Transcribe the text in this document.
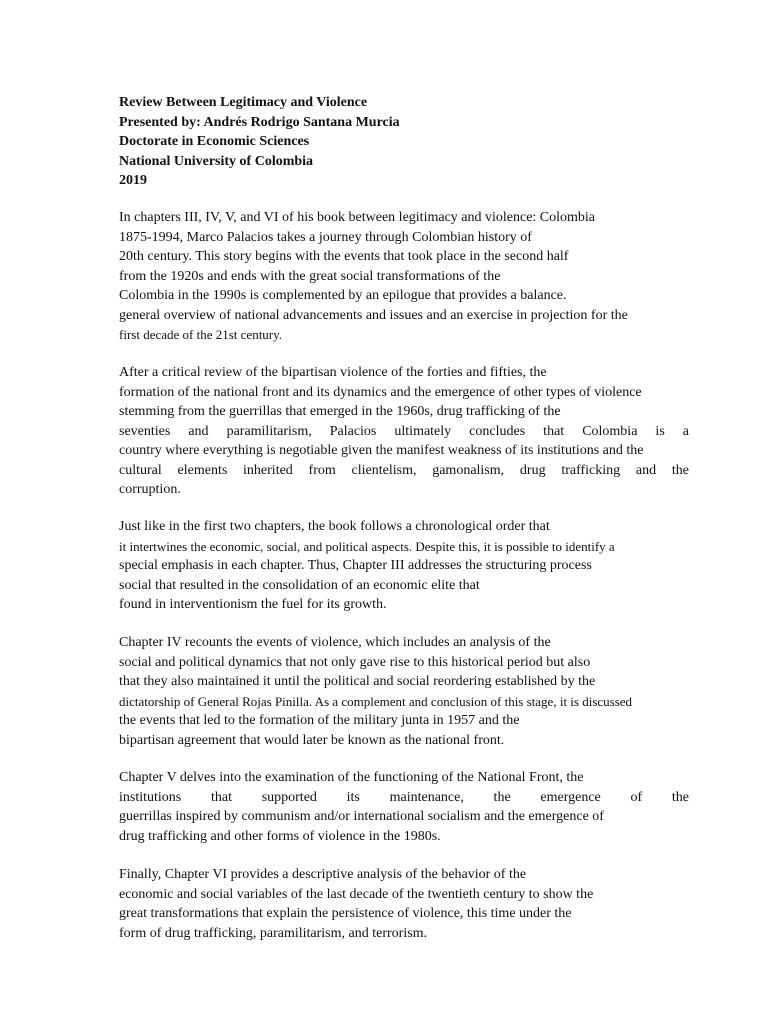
Review Between Legitimacy and Violence
Presented by: Andrés Rodrigo Santana Murcia
Doctorate in Economic Sciences
National University of Colombia
2019
In chapters III, IV, V, and VI of his book between legitimacy and violence: Colombia
1875-1994, Marco Palacios takes a journey through Colombian history of
20th century. This story begins with the events that took place in the second half
from the 1920s and ends with the great social transformations of the
Colombia in the 1990s is complemented by an epilogue that provides a balance.
general overview of national advancements and issues and an exercise in projection for the
first decade of the 21st century.
After a critical review of the bipartisan violence of the forties and fifties, the
formation of the national front and its dynamics and the emergence of other types of violence
stemming from the guerrillas that emerged in the 1960s, drug trafficking of the
seventies and paramilitarism, Palacios ultimately concludes that Colombia is a
country where everything is negotiable given the manifest weakness of its institutions and the
cultural elements inherited from clientelism, gamonalism, drug trafficking and the
corruption.
Just like in the first two chapters, the book follows a chronological order that
it intertwines the economic, social, and political aspects. Despite this, it is possible to identify a
special emphasis in each chapter. Thus, Chapter III addresses the structuring process
social that resulted in the consolidation of an economic elite that
found in interventionism the fuel for its growth.
Chapter IV recounts the events of violence, which includes an analysis of the
social and political dynamics that not only gave rise to this historical period but also
that they also maintained it until the political and social reordering established by the
dictatorship of General Rojas Pinilla. As a complement and conclusion of this stage, it is discussed
the events that led to the formation of the military junta in 1957 and the
bipartisan agreement that would later be known as the national front.
Chapter V delves into the examination of the functioning of the National Front, the
institutions that supported its maintenance, the emergence of the
guerrillas inspired by communism and/or international socialism and the emergence of
drug trafficking and other forms of violence in the 1980s.
Finally, Chapter VI provides a descriptive analysis of the behavior of the
economic and social variables of the last decade of the twentieth century to show the
great transformations that explain the persistence of violence, this time under the
form of drug trafficking, paramilitarism, and terrorism.
